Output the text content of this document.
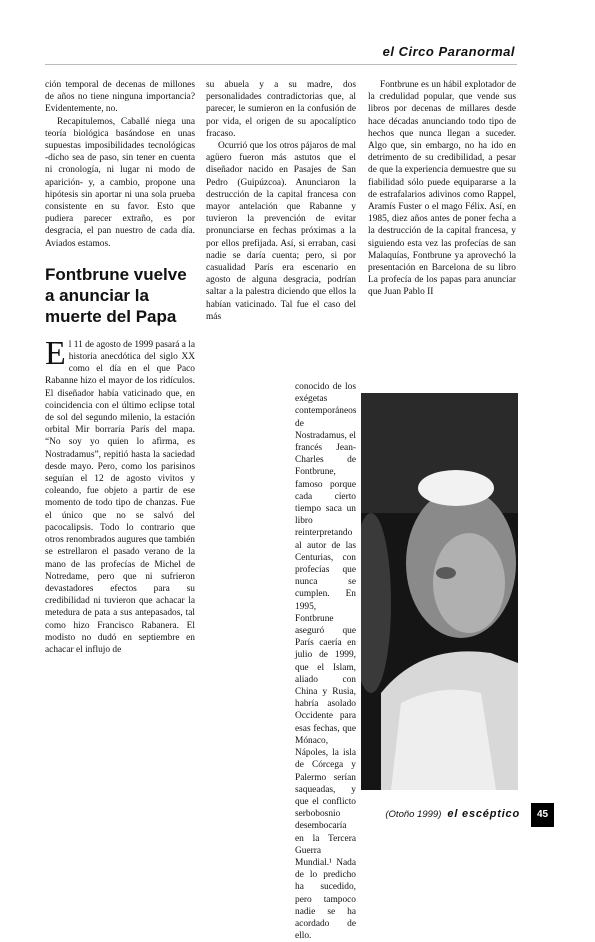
el Circo Paranormal

ción temporal de decenas de millones de años no tiene ninguna importancia? Evidentemente, no.

Recapitulemos, Caballé niega una teoría biológica basándose en unas supuestas imposibilidades tecnológicas -dicho sea de paso, sin tener en cuenta ni cronología, ni lugar ni modo de aparición- y, a cambio, propone una hipótesis sin aportar ni una sola prueba consistente en su favor. Esto que pudiera parecer extraño, es por desgracia, el pan nuestro de cada día. Aviados estamos.

Fontbrune vuelve a anunciar la muerte del Papa

El 11 de agosto de 1999 pasará a la historia anecdótica del siglo XX como el día en el que Paco Rabanne hizo el mayor de los ridículos. El diseñador había vaticinado que, en coincidencia con el último eclipse total de sol del segundo milenio, la estación orbital Mir borraría París del mapa. “No soy yo quien lo afirma, es Nostradamus”, repitió hasta la saciedad desde mayo. Pero, como los parisinos seguían el 12 de agosto vivitos y coleando, fue objeto a partir de ese momento de todo tipo de chanzas. Fue el único que no se salvó del pacocalipsis. Todo lo contrario que otros renombrados augures que también se estrellaron el pasado verano de la mano de las profecías de Michel de Notredame, pero que ni sufrieron devastadores efectos para su credibilidad ni tuvieron que achacar la metedura de pata a sus antepasados, tal como hizo Francisco Rabanera. El modisto no dudó en septiembre en achacar el influjo de

su abuela y a su madre, dos personalidades contradictorias que, al parecer, le sumieron en la confusión de por vida, el origen de su apocalíptico fracaso.

Ocurrió que los otros pájaros de mal agüero fueron más astutos que el diseñador nacido en Pasajes de San Pedro (Guipúzcoa). Anunciaron la destrucción de la capital francesa con mayor antelación que Rabanne y tuvieron la prevención de evitar pronunciarse en fechas próximas a la por ellos prefijada. Así, si erraban, casi nadie se daría cuenta; pero, si por casualidad París era escenario en agosto de alguna desgracia, podrían saltar a la palestra diciendo que ellos la habían vaticinado. Tal fue el caso del más

conocido de los exégetas contemporáneos de Nostradamus, el francés Jean-Charles de Fontbrune, famoso porque cada cierto tiempo saca un libro reinterpretando al autor de las Centurias, con profecías que nunca se cumplen. En 1995, Fontbrune aseguró que París caería en julio de 1999, que el Islam, aliado con China y Rusia, habría asolado Occidente para esas fechas, que Mónaco, Nápoles, la isla de Córcega y Palermo serían saqueadas, y que el conflicto serbobosnio desembocaría en la Tercera Guerra Mundial.¹ Nada de lo predicho ha sucedido, pero tampoco nadie se ha acordado de ello.

Fontbrune es un hábil explotador de la credulidad popular, que vende sus libros por decenas de millares desde hace décadas anunciando todo tipo de hechos que nunca llegan a suceder. Algo que, sin embargo, no ha ido en detrimento de su credibilidad, a pesar de que la experiencia demuestre que su fiabilidad sólo puede equipararse a la de estrafalarios adivinos como Rappel, Aramís Fuster o el mago Félix. Así, en 1985, diez años antes de poner fecha a la destrucción de la capital francesa, y siguiendo esta vez las profecías de san Malaquías, Fontbrune ya aprovechó la presentación en Barcelona de su libro La profecía de los papas para anunciar que Juan Pablo II

(Otoño 1999) el escéptico	45
